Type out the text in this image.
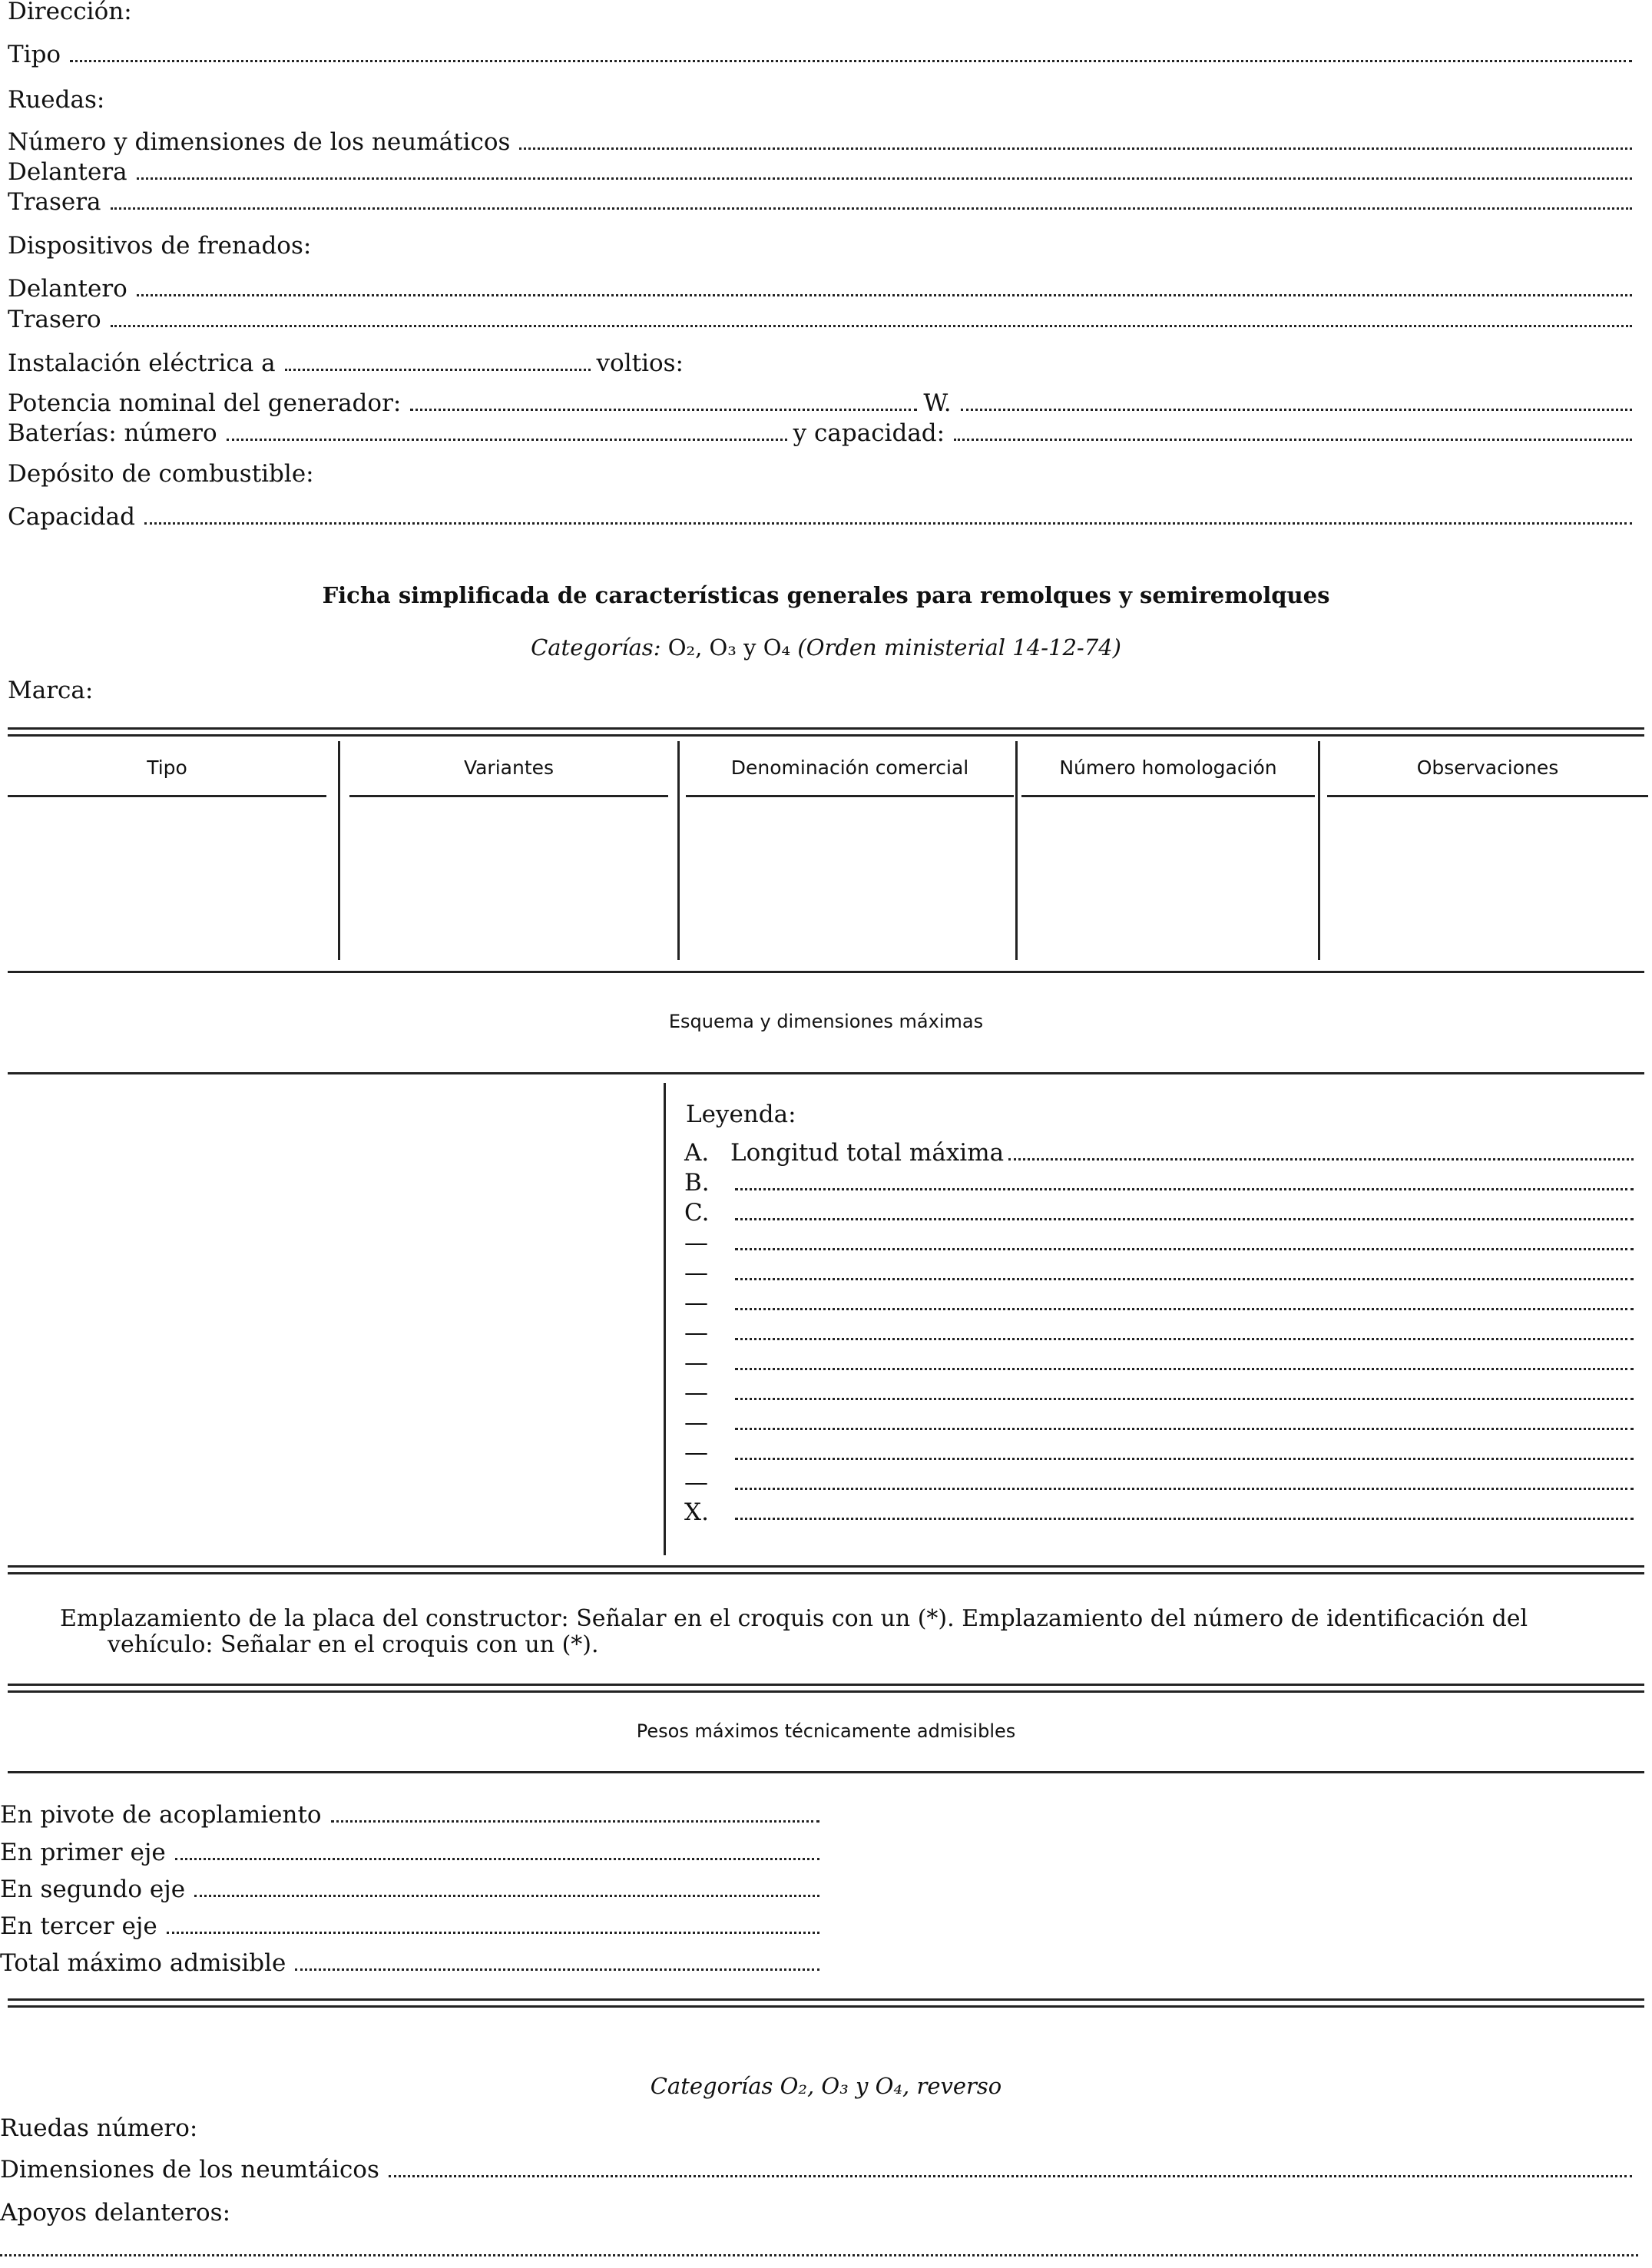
Dirección:
Tipo
Ruedas:
Número y dimensiones de los neumáticos
Delantera
Trasera
Dispositivos de frenados:
Delantero
Trasero
Instalación eléctrica a	voltios:
Potencia nominal del generador:	W.
Baterías: número	y capacidad:
Depósito de combustible:
Capacidad
Ficha simplificada de características generales para remolques y semiremolques
Categorías: O₂, O₃ y O₄ (Orden ministerial 14-12-74)
Marca:
Tipo	Variantes	Denominación comercial	Número homologación	Observaciones
Esquema y dimensiones máximas
Leyenda:
A. Longitud total máxima
B.
C.
—
—
—
—
—
—
—
—
—
X.
Emplazamiento de la placa del constructor: Señalar en el croquis con un (*). Emplazamiento del número de identificación del
vehículo: Señalar en el croquis con un (*).
Pesos máximos técnicamente admisibles
En pivote de acoplamiento
En primer eje
En segundo eje
En tercer eje
Total máximo admisible
Categorías O₂, O₃ y O₄, reverso
Ruedas número:
Dimensiones de los neumtáicos
Apoyos delanteros:
